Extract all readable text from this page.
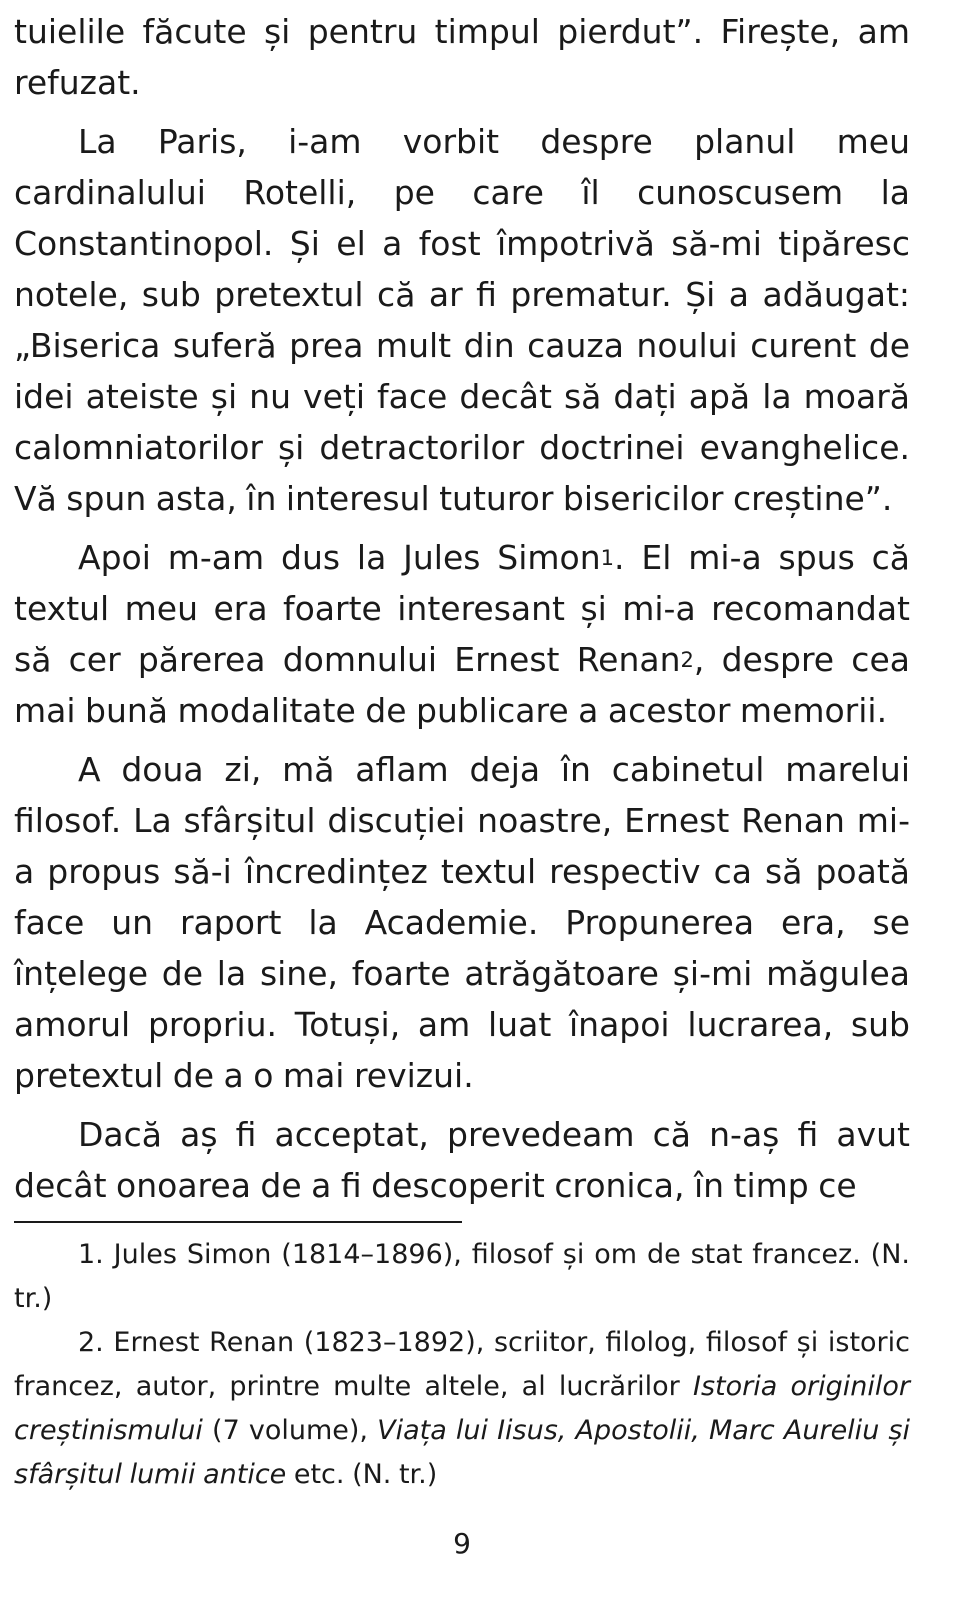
tuielile făcute și pentru timpul pierdut”. Firește, am refuzat.

La Paris, i-am vorbit despre planul meu cardinalului Rotelli, pe care îl cunoscusem la Constantinopol. Și el a fost împotrivă să-mi tipăresc notele, sub pretextul că ar fi prematur. Și a adăugat: „Biserica suferă prea mult din cauza noului curent de idei ateiste și nu veți face decât să dați apă la moară calomniatorilor și detractorilor doctrinei evanghelice. Vă spun asta, în interesul tuturor bisericilor creștine”.

Apoi m-am dus la Jules Simon$^1$. El mi-a spus că textul meu era foarte interesant și mi-a recomandat să cer părerea domnului Ernest Renan$^2$, despre cea mai bună modalitate de publicare a acestor memorii.

A doua zi, mă aflam deja în cabinetul marelui filosof. La sfârșitul discuției noastre, Ernest Renan mi-a propus să-i încredințez textul respectiv ca să poată face un raport la Academie. Propunerea era, se înțelege de la sine, foarte atrăgătoare și-mi măgulea amorul propriu. Totuși, am luat înapoi lucrarea, sub pretextul de a o mai revizui.

Dacă aș fi acceptat, prevedeam că n-aș fi avut decât onoarea de a fi descoperit cronica, în timp ce

1. Jules Simon (1814–1896), filosof și om de stat francez. (N. tr.)

2. Ernest Renan (1823–1892), scriitor, filolog, filosof și istoric francez, autor, printre multe altele, al lucrărilor Istoria originilor creștinismului (7 volume), Viața lui Iisus, Apostolii, Marc Aureliu și sfârșitul lumii antice etc. (N. tr.)

9
